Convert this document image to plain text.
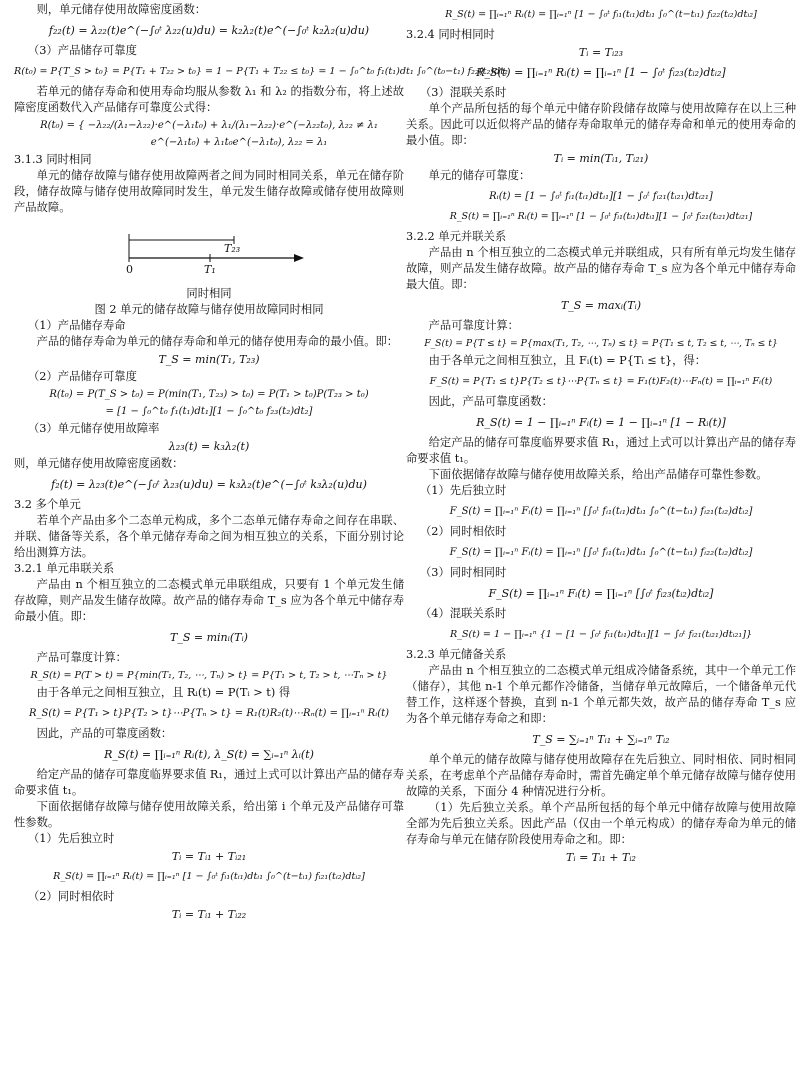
则，单元储存使用故障密度函数：

f₂₂(t) = λ₂₂(t)e^(−∫₀ᵗ λ₂₂(u)du) = k₂λ₂(t)e^(−∫₀ᵗ k₂λ₂(u)du)

（3）产品储存可靠度

R(t₀) = P{T_S > t₀} = P{T₁ + T₂₂ > t₀} = 1 − P{T₁ + T₂₂ ≤ t₀} = 1 − ∫₀^t₀ f₁(t₁)dt₁ ∫₀^(t₀−t₁) f₂₂(t₂)dt₂

若单元的储存寿命和使用寿命均服从参数 λ₁ 和 λ₂ 的指数分布，将上述故障密度函数代入产品储存可靠度公式得：

R(t₀) = { −λ₂₂/(λ₁−λ₂₂)·e^(−λ₁t₀) + λ₁/(λ₁−λ₂₂)·e^(−λ₂₂t₀), λ₂₂ ≠ λ₁
e^(−λ₁t₀) + λ₁t₀e^(−λ₁t₀), λ₂₂ = λ₁

3.1.3 同时相同

单元的储存故障与储存使用故障两者之间为同时相同关系，单元在储存阶段，储存故障与储存使用故障同时发生，单元发生储存故障或储存使用故障则产品故障。

T₂₃
0	T₁

同时相同

图 2 单元的储存故障与储存使用故障同时相同

（1）产品储存寿命

产品的储存寿命为单元的储存寿命和单元的储存使用寿命的最小值。即：

T_S = min(T₁, T₂₃)

（2）产品储存可靠度

R(t₀) = P(T_S > t₀) = P(min(T₁, T₂₃) > t₀) = P(T₁ > t₀)P(T₂₃ > t₀)
= [1 − ∫₀^t₀ f₁(t₁)dt₁][1 − ∫₀^t₀ f₂₃(t₂)dt₂]

（3）单元储存使用故障率

λ₂₃(t) = k₃λ₂(t)

则，单元储存使用故障密度函数：

f₂(t) = λ₂₃(t)e^(−∫₀ᵗ λ₂₃(u)du) = k₃λ₂(t)e^(−∫₀ᵗ k₃λ₂(u)du)

3.2 多个单元

若单个产品由多个二态单元构成，多个二态单元储存寿命之间存在串联、并联、储备等关系，各个单元储存寿命之间为相互独立的关系，下面分别讨论给出测算方法。

3.2.1 单元串联关系

产品由 n 个相互独立的二态模式单元串联组成，只要有 1 个单元发生储存故障，则产品发生储存故障。故产品的储存寿命 T_s 应为各个单元中储存寿命最小值。即：

T_S = minᵢ(Tᵢ)

产品可靠度计算：

R_S(t) = P(T > t) = P{min(T₁, T₂, ⋯, Tₙ) > t} = P{T₁ > t, T₂ > t, ⋯Tₙ > t}

由于各单元之间相互独立，且 Rᵢ(t) = P(Tᵢ > t) 得

R_S(t) = P{T₁ > t}P{T₂ > t}⋯P{Tₙ > t} = R₁(t)R₂(t)⋯Rₙ(t) = ∏ᵢ₌₁ⁿ Rᵢ(t)

因此，产品的可靠度函数：

R_S(t) = ∏ᵢ₌₁ⁿ Rᵢ(t), λ_S(t) = ∑ᵢ₌₁ⁿ λᵢ(t)

给定产品的储存可靠度临界要求值 R₁，通过上式可以计算出产品的储存寿命要求值 t₁。

下面依据储存故障与储存使用故障关系，给出第 i 个单元及产品储存可靠性参数。

（1）先后独立时

Tᵢ = Tᵢ₁ + Tᵢ₂₁
R_S(t) = ∏ᵢ₌₁ⁿ Rᵢ(t) = ∏ᵢ₌₁ⁿ [1 − ∫₀ᵗ fᵢ₁(tᵢ₁)dtᵢ₁ ∫₀^(t−tᵢ₁) fᵢ₂₁(tᵢ₂)dtᵢ₂]

（2）同时相依时

Tᵢ = Tᵢ₁ + Tᵢ₂₂
R_S(t) = ∏ᵢ₌₁ⁿ Rᵢ(t) = ∏ᵢ₌₁ⁿ [1 − ∫₀ᵗ fᵢ₁(tᵢ₁)dtᵢ₁ ∫₀^(t−tᵢ₁) fᵢ₂₂(tᵢ₂)dtᵢ₂]

3.2.4 同时相同时

Tᵢ = Tᵢ₂₃
R_S(t) = ∏ᵢ₌₁ⁿ Rᵢ(t) = ∏ᵢ₌₁ⁿ [1 − ∫₀ᵗ fᵢ₂₃(tᵢ₂)dtᵢ₂]

（3）混联关系时

单个产品所包括的每个单元中储存阶段储存故障与使用故障存在以上三种关系。因此可以近似将产品的储存寿命取单元的储存寿命和单元的使用寿命的最小值。即：

Tᵢ = min(Tᵢ₁, Tᵢ₂₁)

单元的储存可靠度：

Rᵢ(t) = [1 − ∫₀ᵗ fᵢ₁(tᵢ₁)dtᵢ₁][1 − ∫₀ᵗ fᵢ₂₁(tᵢ₂₁)dtᵢ₂₁]
R_S(t) = ∏ᵢ₌₁ⁿ Rᵢ(t) = ∏ᵢ₌₁ⁿ [1 − ∫₀ᵗ fᵢ₁(tᵢ₁)dtᵢ₁][1 − ∫₀ᵗ fᵢ₂₁(tᵢ₂₁)dtᵢ₂₁]

3.2.2 单元并联关系

产品由 n 个相互独立的二态模式单元并联组成，只有所有单元均发生储存故障，则产品发生储存故障。故产品的储存寿命 T_s 应为各个单元中储存寿命最大值。即：

T_S = maxᵢ(Tᵢ)

产品可靠度计算：

F_S(t) = P{T ≤ t} = P{max(T₁, T₂, ⋯, Tₙ) ≤ t} = P{T₁ ≤ t, T₂ ≤ t, ⋯, Tₙ ≤ t}

由于各单元之间相互独立，且 Fᵢ(t) = P{Tᵢ ≤ t}，得：

F_S(t) = P{T₁ ≤ t}P{T₂ ≤ t}⋯P{Tₙ ≤ t} = F₁(t)F₂(t)⋯Fₙ(t) = ∏ᵢ₌₁ⁿ Fᵢ(t)

因此，产品可靠度函数：

R_S(t) = 1 − ∏ᵢ₌₁ⁿ Fᵢ(t) = 1 − ∏ᵢ₌₁ⁿ [1 − Rᵢ(t)]

给定产品的储存可靠度临界要求值 R₁，通过上式可以计算出产品的储存寿命要求值 t₁。

下面依据储存故障与储存使用故障关系，给出产品储存可靠性参数。

（1）先后独立时

F_S(t) = ∏ᵢ₌₁ⁿ Fᵢ(t) = ∏ᵢ₌₁ⁿ [∫₀ᵗ fᵢ₁(tᵢ₁)dtᵢ₁ ∫₀^(t−tᵢ₁) fᵢ₂₁(tᵢ₂)dtᵢ₂]

（2）同时相依时

F_S(t) = ∏ᵢ₌₁ⁿ Fᵢ(t) = ∏ᵢ₌₁ⁿ [∫₀ᵗ fᵢ₁(tᵢ₁)dtᵢ₁ ∫₀^(t−tᵢ₁) fᵢ₂₂(tᵢ₂)dtᵢ₂]

（3）同时相同时

F_S(t) = ∏ᵢ₌₁ⁿ Fᵢ(t) = ∏ᵢ₌₁ⁿ [∫₀ᵗ fᵢ₂₃(tᵢ₂)dtᵢ₂]

（4）混联关系时

R_S(t) = 1 − ∏ᵢ₌₁ⁿ {1 − [1 − ∫₀ᵗ fᵢ₁(tᵢ₁)dtᵢ₁][1 − ∫₀ᵗ fᵢ₂₁(tᵢ₂₁)dtᵢ₂₁]}

3.2.3 单元储备关系

产品由 n 个相互独立的二态模式单元组成冷储备系统，其中一个单元工作（储存），其他 n-1 个单元都作冷储备，当储存单元故障后，一个储备单元代替工作，这样逐个替换，直到 n-1 个单元都失效，故产品的储存寿命 T_s 应为各个单元储存寿命之和即：

T_S = ∑ᵢ₌₁ⁿ Tᵢ₁ + ∑ᵢ₌₁ⁿ Tᵢ₂

单个单元的储存故障与储存使用故障存在先后独立、同时相依、同时相同关系，在考虑单个产品储存寿命时，需首先确定单个单元储存故障与储存使用故障的关系，下面分 4 种情况进行分析。

（1）先后独立关系。单个产品所包括的每个单元中储存故障与使用故障全部为先后独立关系。因此产品（仅由一个单元构成）的储存寿命为单元的储存寿命与单元在储存阶段使用寿命之和。即：

Tᵢ = Tᵢ₁ + Tᵢ₂
